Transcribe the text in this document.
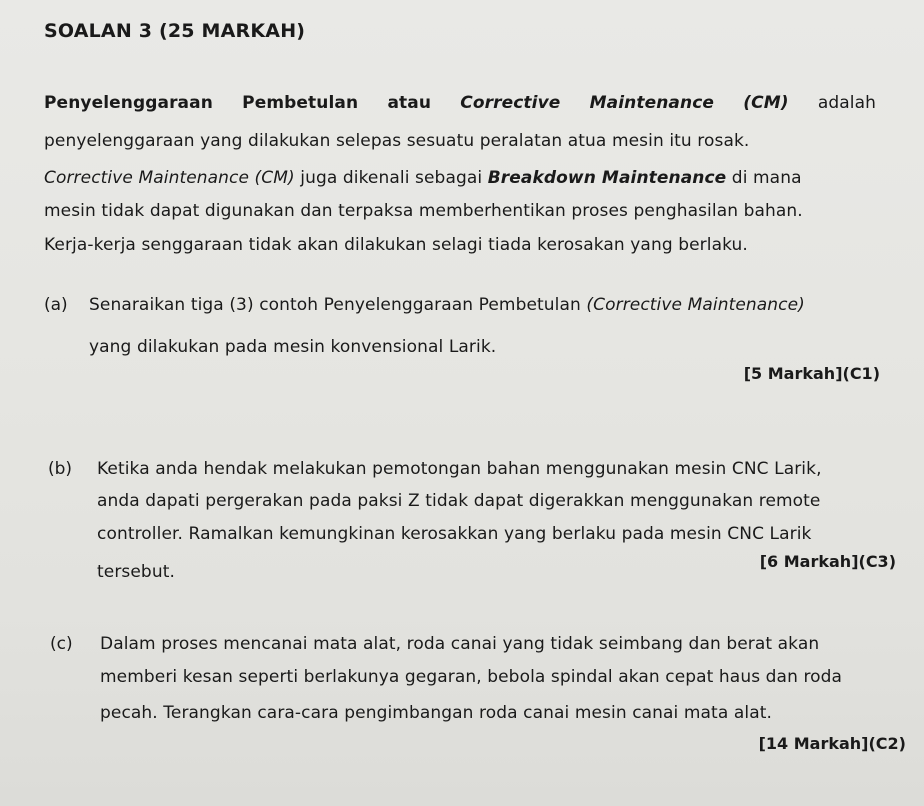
SOALAN 3 (25 MARKAH)
Penyelenggaraan Pembetulan atau Corrective Maintenance (CM) adalah
penyelenggaraan yang dilakukan selepas sesuatu peralatan atua mesin itu rosak.
Corrective Maintenance (CM) juga dikenali sebagai Breakdown Maintenance di mana
mesin tidak dapat digunakan dan terpaksa memberhentikan proses penghasilan bahan.
Kerja-kerja senggaraan tidak akan dilakukan selagi tiada kerosakan yang berlaku.
(a) Senaraikan tiga (3) contoh Penyelenggaraan Pembetulan (Corrective Maintenance)
yang dilakukan pada mesin konvensional Larik.
[5 Markah](C1)
(b) Ketika anda hendak melakukan pemotongan bahan menggunakan mesin CNC Larik,
anda dapati pergerakan pada paksi Z tidak dapat digerakkan menggunakan remote
controller. Ramalkan kemungkinan kerosakkan yang berlaku pada mesin CNC Larik
tersebut.
[6 Markah](C3)
(c) Dalam proses mencanai mata alat, roda canai yang tidak seimbang dan berat akan
memberi kesan seperti berlakunya gegaran, bebola spindal akan cepat haus dan roda
pecah. Terangkan cara-cara pengimbangan roda canai mesin canai mata alat.
[14 Markah](C2)
